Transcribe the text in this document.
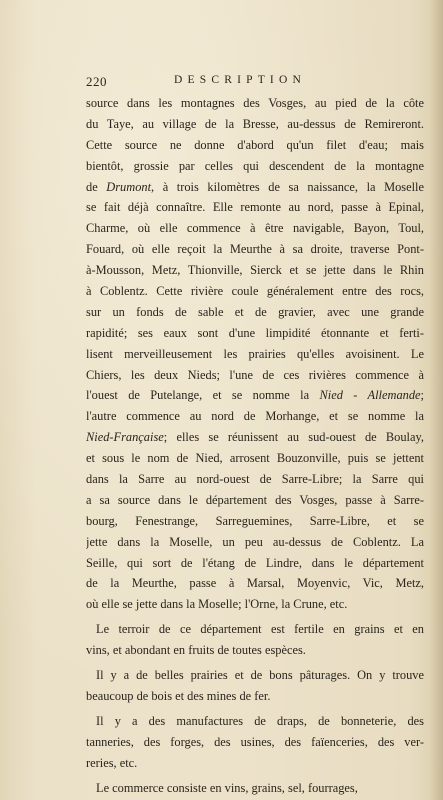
220	DESCRIPTION
source dans les montagnes des Vosges, au pied de la côte
du Taye, au village de la Bresse, au-dessus de Remireront.
Cette source ne donne d'abord qu'un filet d'eau; mais
bientôt, grossie par celles qui descendent de la montagne
de Drumont, à trois kilomètres de sa naissance, la Moselle
se fait déjà connaître. Elle remonte au nord, passe à Epinal,
Charme, où elle commence à être navigable, Bayon, Toul,
Fouard, où elle reçoit la Meurthe à sa droite, traverse Pont-
à-Mousson, Metz, Thionville, Sierck et se jette dans le Rhin
à Coblentz. Cette rivière coule généralement entre des rocs,
sur un fonds de sable et de gravier, avec une grande
rapidité; ses eaux sont d'une limpidité étonnante et ferti-
lisent merveilleusement les prairies qu'elles avoisinent. Le
Chiers, les deux Nieds; l'une de ces rivières commence à
l'ouest de Putelange, et se nomme la Nied - Allemande;
l'autre commence au nord de Morhange, et se nomme la
Nied-Française; elles se réunissent au sud-ouest de Boulay,
et sous le nom de Nied, arrosent Bouzonville, puis se jettent
dans la Sarre au nord-ouest de Sarre-Libre; la Sarre qui
a sa source dans le département des Vosges, passe à Sarre-
bourg, Fenestrange, Sarreguemines, Sarre-Libre, et se
jette dans la Moselle, un peu au-dessus de Coblentz. La
Seille, qui sort de l'étang de Lindre, dans le département
de la Meurthe, passe à Marsal, Moyenvic, Vic, Metz,
où elle se jette dans la Moselle; l'Orne, la Crune, etc.
Le terroir de ce département est fertile en grains et en
vins, et abondant en fruits de toutes espèces.
Il y a de belles prairies et de bons pâturages. On y trouve
beaucoup de bois et des mines de fer.
Il y a des manufactures de draps, de bonneterie, des
tanneries, des forges, des usines, des faïenceries, des ver-
reries, etc.
Le commerce consiste en vins, grains, sel, fourrages,
